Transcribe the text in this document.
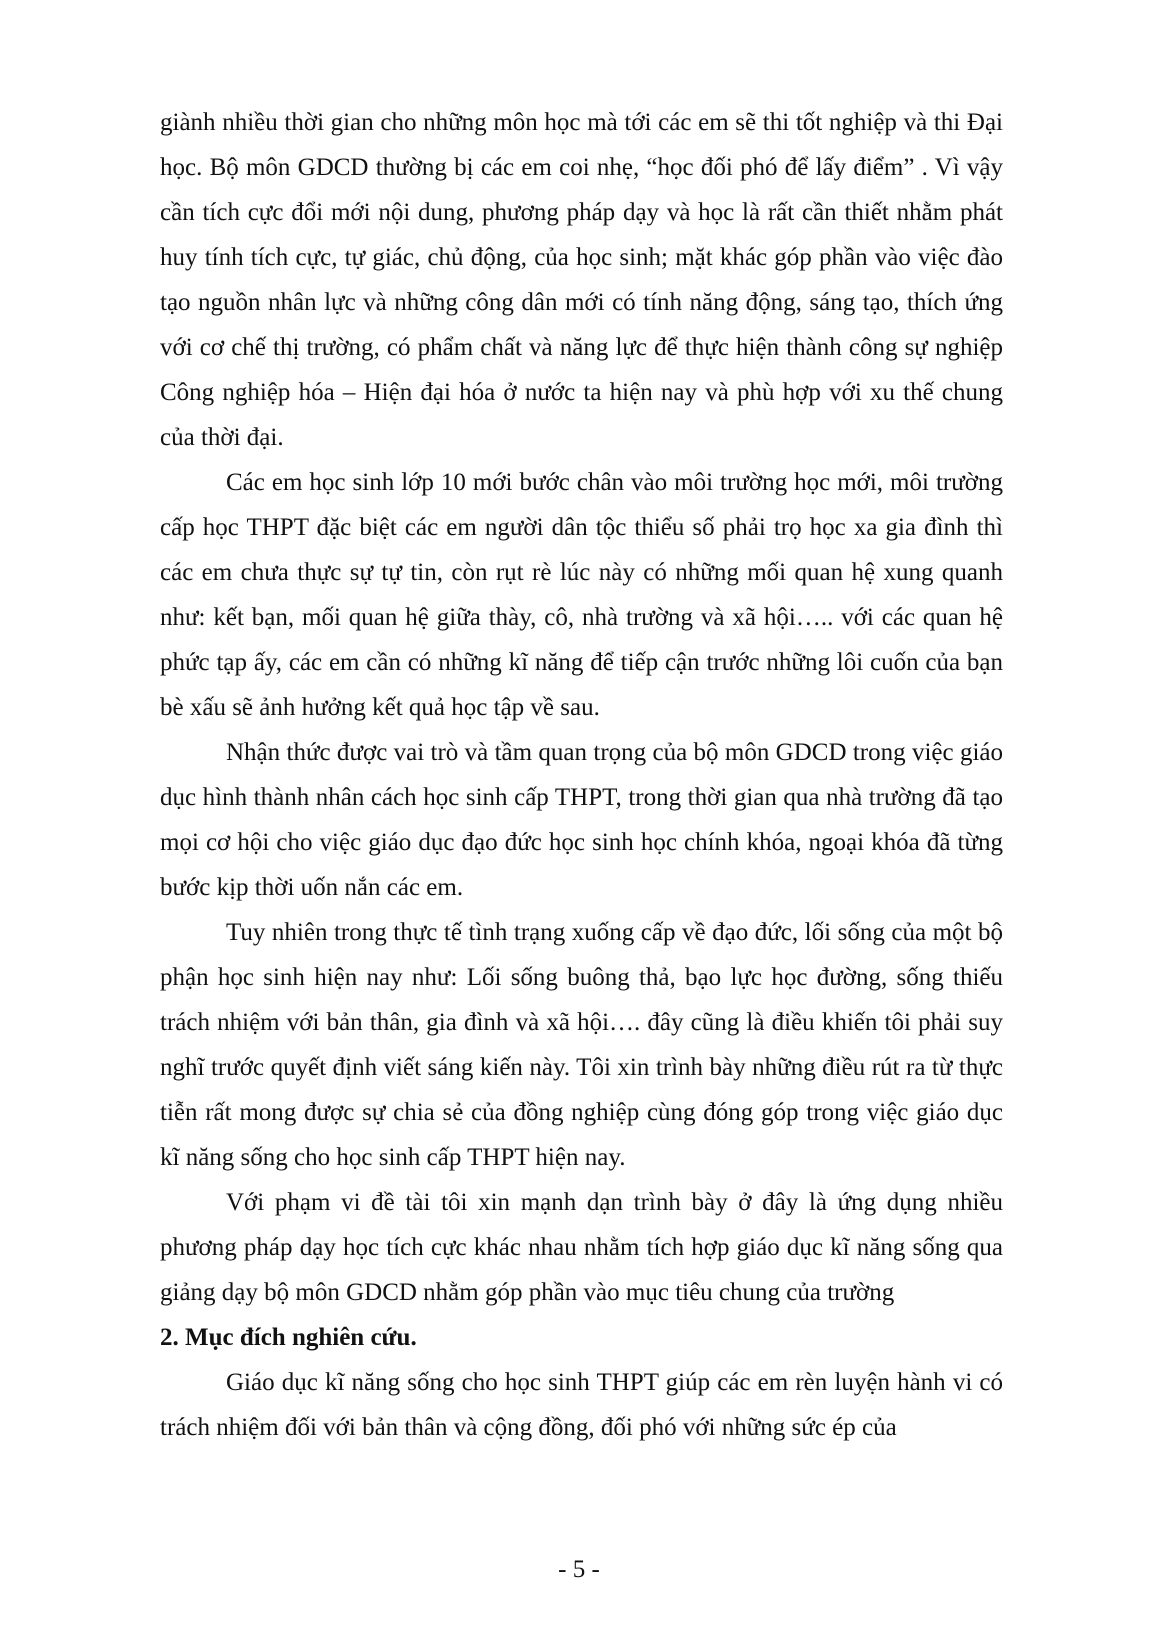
giành nhiều thời gian cho những môn học mà tới các em sẽ thi tốt nghiệp và thi Đại học. Bộ môn GDCD thường bị các em coi nhẹ, “học đối phó để lấy điểm” . Vì vậy cần tích cực đổi mới nội dung, phương pháp dạy và học là rất cần thiết nhằm phát huy tính tích cực, tự giác, chủ động, của học sinh; mặt khác góp phần vào việc đào tạo nguồn nhân lực và những công dân mới có tính năng động, sáng tạo, thích ứng với cơ chế thị trường, có phẩm chất và năng lực để thực hiện thành công sự nghiệp Công nghiệp hóa – Hiện đại hóa ở nước ta hiện nay và phù hợp với xu thế chung của thời đại.

Các em học sinh lớp 10 mới bước chân vào môi trường học mới, môi trường cấp học THPT đặc biệt các em người dân tộc thiểu số phải trọ học xa gia đình thì các em chưa thực sự tự tin, còn rụt rè lúc này có những mối quan hệ xung quanh như: kết bạn, mối quan hệ giữa thày, cô, nhà trường và xã hội….. với các quan hệ phức tạp ấy, các em cần có những kĩ năng để tiếp cận trước những lôi cuốn của bạn bè xấu sẽ ảnh hưởng kết quả học tập về sau.

Nhận thức được vai trò và tầm quan trọng của bộ môn GDCD trong việc giáo dục hình thành nhân cách học sinh cấp THPT, trong thời gian qua nhà trường đã tạo mọi cơ hội cho việc giáo dục đạo đức học sinh học chính khóa, ngoại khóa đã từng bước kịp thời uốn nắn các em.

Tuy nhiên trong thực tế tình trạng xuống cấp về đạo đức, lối sống của một bộ phận học sinh hiện nay như: Lối sống buông thả, bạo lực học đường, sống thiếu trách nhiệm với bản thân, gia đình và xã hội…. đây cũng là điều khiến tôi phải suy nghĩ trước quyết định viết sáng kiến này. Tôi xin trình bày những điều rút ra từ thực tiễn rất mong được sự chia sẻ của đồng nghiệp cùng đóng góp trong việc giáo dục kĩ năng sống cho học sinh cấp THPT hiện nay.

Với phạm vi đề tài tôi xin mạnh dạn trình bày ở đây là ứng dụng nhiều phương pháp dạy học tích cực khác nhau nhằm tích hợp giáo dục kĩ năng sống qua giảng dạy bộ môn GDCD nhằm góp phần vào mục tiêu chung của trường

2. Mục đích nghiên cứu.

Giáo dục kĩ năng sống cho học sinh THPT giúp các em rèn luyện hành vi có trách nhiệm đối với bản thân và cộng đồng, đối phó với những sức ép của

- 5 -
